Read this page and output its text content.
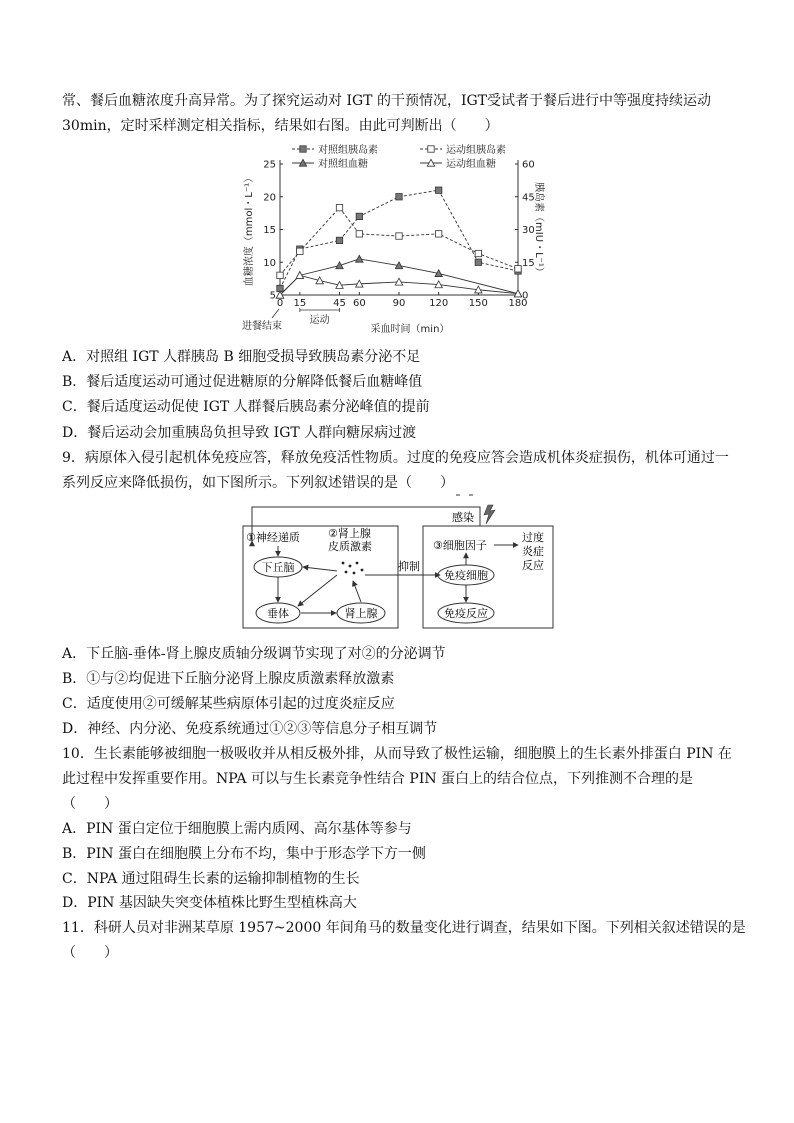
常、餐后血糖浓度升高异常。为了探究运动对 IGT 的干预情况，IGT受试者于餐后进行中等强度持续运动
30min，定时采样测定相关指标，结果如右图。由此可判断出（　　）
对照组胰岛素	运动组胰岛素
对照组血糖	运动组血糖
5
10
15
20
25
0
15
30
45
60
0 15	45 60	90 120 150 180
血糖浓度（mmol・L⁻¹）	胰岛素（mIU・L⁻¹）
采血时间（min）
进餐结束
运动
A．对照组 IGT 人群胰岛 B 细胞受损导致胰岛素分泌不足
B．餐后适度运动可通过促进糖原的分解降低餐后血糖峰值
C．餐后适度运动促使 IGT 人群餐后胰岛素分泌峰值的提前
D．餐后运动会加重胰岛负担导致 IGT 人群向糖尿病过渡
9．病原体入侵引起机体免疫应答，释放免疫活性物质。过度的免疫应答会造成机体炎症损伤，机体可通过一
系列反应来降低损伤，如下图所示。下列叙述错误的是（　　）
感染
①神经递质	②肾上腺
皮质激素
下丘脑
垂体	肾上腺
抑制
③细胞因子
过度
炎症
反应
免疫细胞
免疫反应
A．下丘脑-垂体-肾上腺皮质轴分级调节实现了对②的分泌调节
B．①与②均促进下丘脑分泌肾上腺皮质激素释放激素
C．适度使用②可缓解某些病原体引起的过度炎症反应
D．神经、内分泌、免疫系统通过①②③等信息分子相互调节
10．生长素能够被细胞一极吸收并从相反极外排，从而导致了极性运输，细胞膜上的生长素外排蛋白 PIN 在
此过程中发挥重要作用。NPA 可以与生长素竞争性结合 PIN 蛋白上的结合位点，下列推测不合理的是
（　　）
A．PIN 蛋白定位于细胞膜上需内质网、高尔基体等参与
B．PIN 蛋白在细胞膜上分布不均，集中于形态学下方一侧
C．NPA 通过阻碍生长素的运输抑制植物的生长
D．PIN 基因缺失突变体植株比野生型植株高大
11．科研人员对非洲某草原 1957~2000 年间角马的数量变化进行调查，结果如下图。下列相关叙述错误的是
（　　）
